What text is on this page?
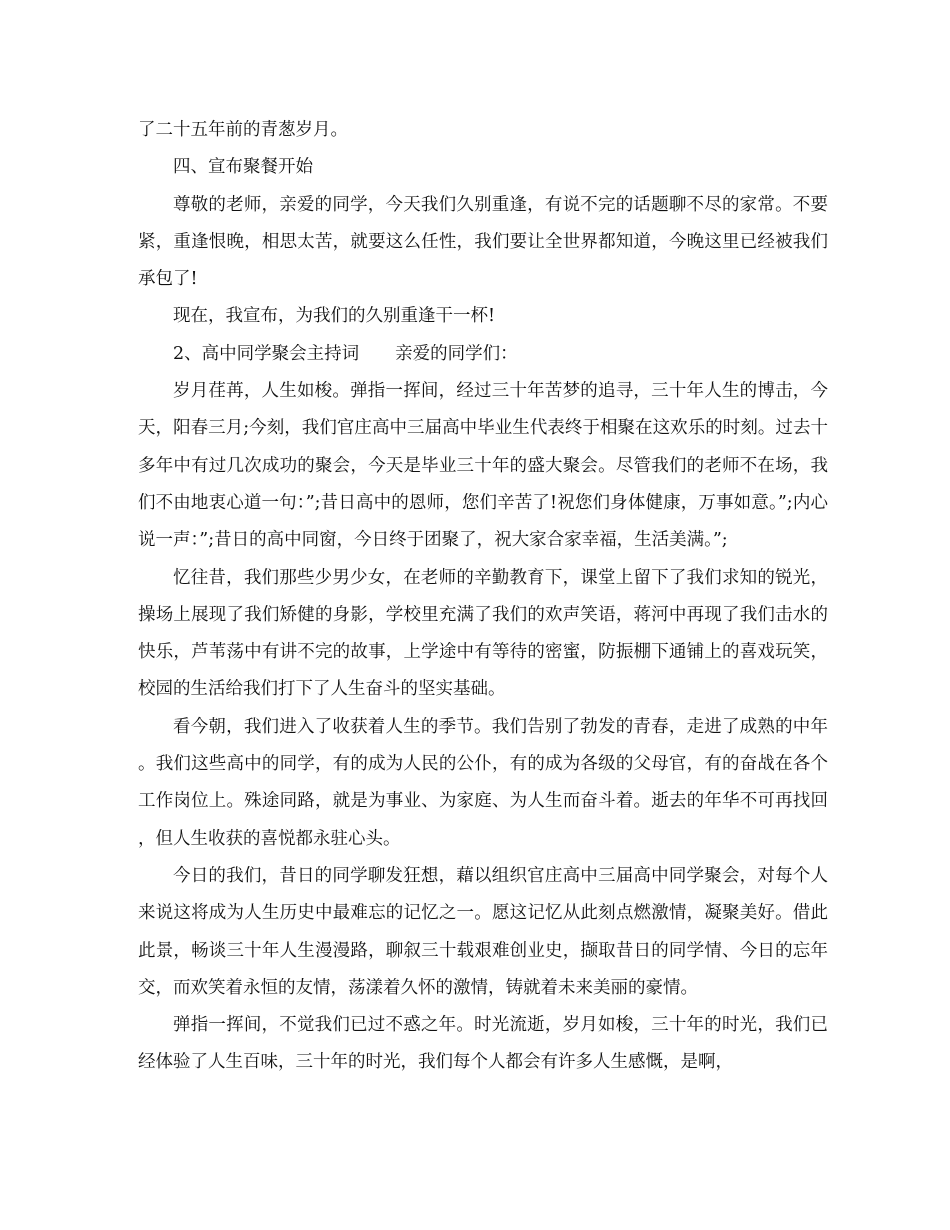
了二十五年前的青葱岁月。

四、宣布聚餐开始

尊敬的老师，亲爱的同学，今天我们久别重逢，有说不完的话题聊不尽的家常。不要紧，重逢恨晚，相思太苦，就要这么任性，我们要让全世界都知道，今晚这里已经被我们承包了!

现在，我宣布，为我们的久别重逢干一杯!

2、高中同学聚会主持词 亲爱的同学们：

岁月荏苒，人生如梭。弹指一挥间，经过三十年苦梦的追寻，三十年人生的博击，今天，阳春三月;今刻，我们官庄高中三届高中毕业生代表终于相聚在这欢乐的时刻。过去十多年中有过几次成功的聚会，今天是毕业三十年的盛大聚会。尽管我们的老师不在场，我们不由地衷心道一句：”;昔日高中的恩师，您们辛苦了!祝您们身体健康，万事如意。”;内心说一声：”;昔日的高中同窗，今日终于团聚了，祝大家合家幸福，生活美满。”;

忆往昔，我们那些少男少女，在老师的辛勤教育下，课堂上留下了我们求知的锐光，操场上展现了我们矫健的身影，学校里充满了我们的欢声笑语，蒋河中再现了我们击水的快乐，芦苇荡中有讲不完的故事，上学途中有等待的密蜜，防振棚下通铺上的喜戏玩笑，校园的生活给我们打下了人生奋斗的坚实基础。

看今朝，我们进入了收获着人生的季节。我们告别了勃发的青春，走进了成熟的中年。我们这些高中的同学，有的成为人民的公仆，有的成为各级的父母官，有的奋战在各个工作岗位上。殊途同路，就是为事业、为家庭、为人生而奋斗着。逝去的年华不可再找回，但人生收获的喜悦都永驻心头。

今日的我们，昔日的同学聊发狂想，藉以组织官庄高中三届高中同学聚会，对每个人来说这将成为人生历史中最难忘的记忆之一。愿这记忆从此刻点燃激情，凝聚美好。借此此景，畅谈三十年人生漫漫路，聊叙三十载艰难创业史，撷取昔日的同学情、今日的忘年交，而欢笑着永恒的友情，荡漾着久怀的激情，铸就着未来美丽的豪情。

弹指一挥间，不觉我们已过不惑之年。时光流逝，岁月如梭，三十年的时光，我们已经体验了人生百味，三十年的时光，我们每个人都会有许多人生感慨，是啊，
